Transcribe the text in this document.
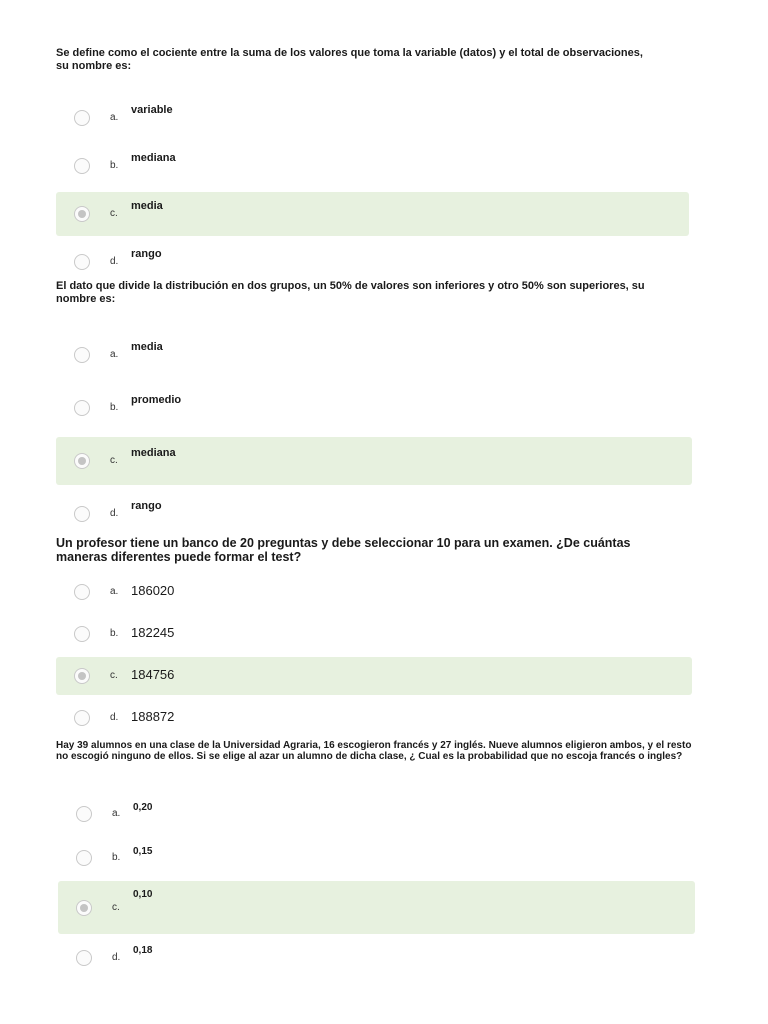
Se define como el cociente entre la suma de los valores que toma la variable (datos) y el total de observaciones, su nombre es:

a.
variable
b.
mediana
c.
media
d.
rango

El dato que divide la distribución en dos grupos, un 50% de valores son inferiores y otro 50% son superiores, su nombre es:

a.
media
b.
promedio
c.
mediana
d.
rango

Un profesor tiene un banco de 20 preguntas y debe seleccionar 10 para un examen. ¿De cuántas maneras diferentes puede formar el test?

a. 186020
b. 182245
c. 184756
d. 188872

Hay 39 alumnos en una clase de la Universidad Agraria, 16 escogieron francés y 27 inglés. Nueve alumnos eligieron ambos, y el resto no escogió ninguno de ellos. Si se elige al azar un alumno de dicha clase, ¿ Cual es la probabilidad que no escoja francés o ingles?

a.
0,20
b.
0,15
c.
0,10
d.
0,18
